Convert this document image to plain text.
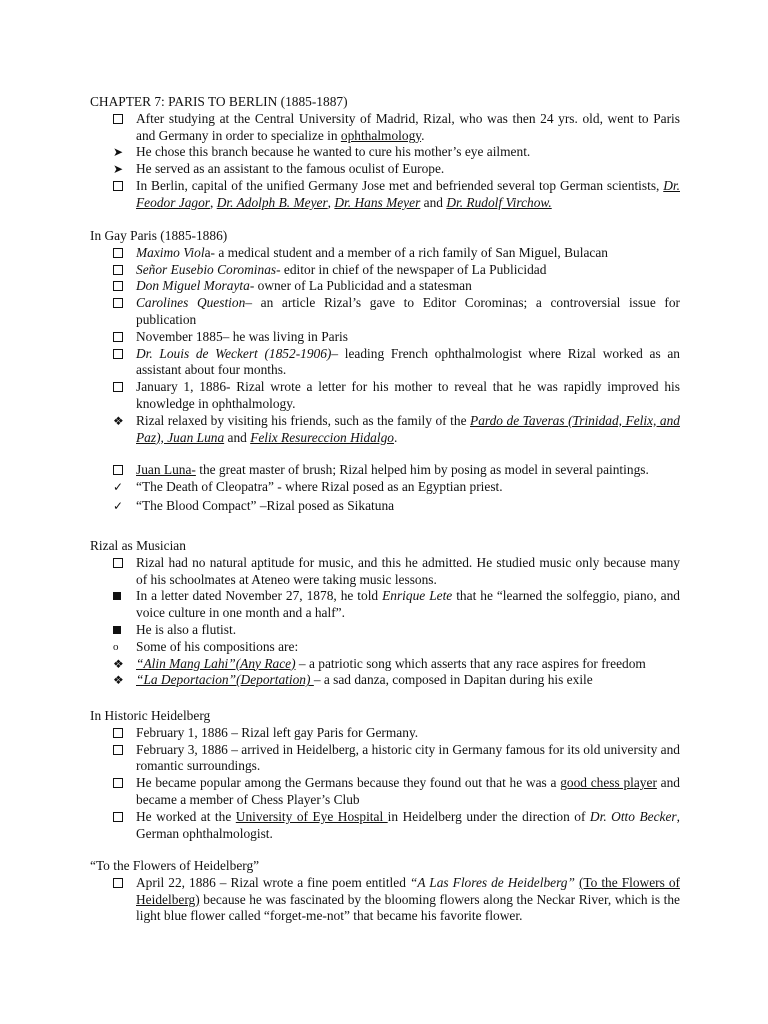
CHAPTER 7: PARIS TO BERLIN (1885-1887)

After studying at the Central University of Madrid, Rizal, who was then 24 yrs. old, went to Paris and Germany in order to specialize in ophthalmology.
➤ He chose this branch because he wanted to cure his mother’s eye ailment.
➤ He served as an assistant to the famous oculist of Europe.
In Berlin, capital of the unified Germany Jose met and befriended several top German scientists, Dr. Feodor Jagor, Dr. Adolph B. Meyer, Dr. Hans Meyer and Dr. Rudolf Virchow.

In Gay Paris (1885-1886)

Maximo Viola- a medical student and a member of a rich family of San Miguel, Bulacan
Señor Eusebio Corominas- editor in chief of the newspaper of La Publicidad
Don Miguel Morayta- owner of La Publicidad and a statesman
Carolines Question– an article Rizal’s gave to Editor Corominas; a controversial issue for publication
November 1885– he was living in Paris
Dr. Louis de Weckert (1852-1906)– leading French ophthalmologist where Rizal worked as an assistant about four months.
January 1, 1886- Rizal wrote a letter for his mother to reveal that he was rapidly improved his knowledge in ophthalmology.
❖ Rizal relaxed by visiting his friends, such as the family of the Pardo de Taveras (Trinidad, Felix, and Paz), Juan Luna and Felix Resureccion Hidalgo.
Juan Luna- the great master of brush; Rizal helped him by posing as model in several paintings.
✓ “The Death of Cleopatra” - where Rizal posed as an Egyptian priest.
✓ “The Blood Compact” –Rizal posed as Sikatuna

Rizal as Musician

Rizal had no natural aptitude for music, and this he admitted. He studied music only because many of his schoolmates at Ateneo were taking music lessons.
In a letter dated November 27, 1878, he told Enrique Lete that he “learned the solfeggio, piano, and voice culture in one month and a half”.
He is also a flutist.
o	Some of his compositions are:
❖ “Alin Mang Lahi”(Any Race) – a patriotic song which asserts that any race aspires for freedom
❖ “La Deportacion”(Deportation) – a sad danza, composed in Dapitan during his exile

In Historic Heidelberg

February 1, 1886 – Rizal left gay Paris for Germany.
February 3, 1886 – arrived in Heidelberg, a historic city in Germany famous for its old university and romantic surroundings.
He became popular among the Germans because they found out that he was a good chess player and became a member of Chess Player’s Club
He worked at the University of Eye Hospital in Heidelberg under the direction of Dr. Otto Becker, German ophthalmologist.

“To the Flowers of Heidelberg”

April 22, 1886 – Rizal wrote a fine poem entitled “A Las Flores de Heidelberg” (To the Flowers of Heidelberg) because he was fascinated by the blooming flowers along the Neckar River, which is the light blue flower called “forget-me-not” that became his favorite flower.
